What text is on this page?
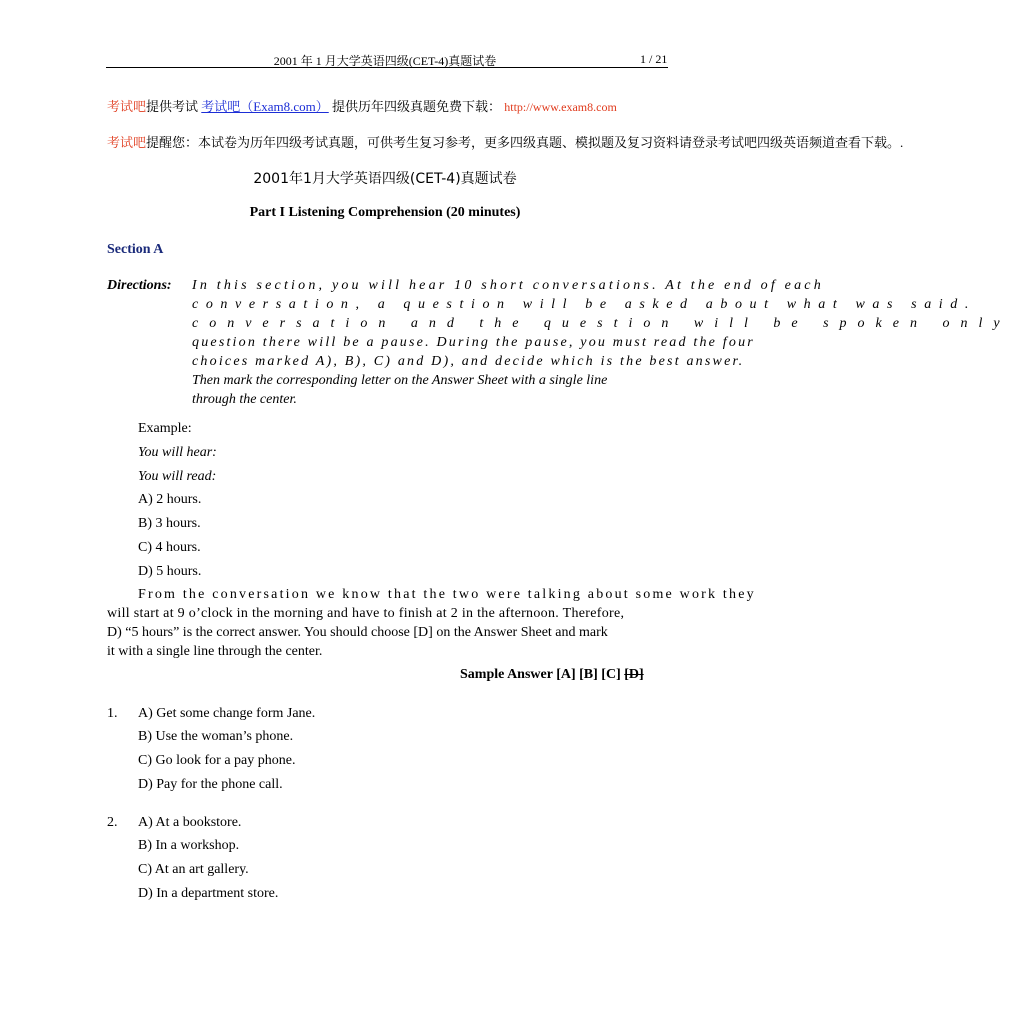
2001 年 1 月大学英语四级(CET-4)真题试卷	1 / 21
考试吧提供考试 考试吧（Exam8.com） 提供历年四级真题免费下载： http://www.exam8.com
考试吧提醒您：本试卷为历年四级考试真题，可供考生复习参考，更多四级真题、模拟题及复习资料请登录考试吧四级英语频道查看下载。.
2001年1月大学英语四级(CET-4)真题试卷
Part I Listening Comprehension (20 minutes)
Section A
Directions: In this section, you will hear 10 short conversations. At the end of each
conversation, a question will be asked about what was said.
conversation and the question will be spoken only
question there will be a pause. During the pause, you must read the four
choices marked A), B), C) and D), and decide which is the best answer.
Then mark the corresponding letter on the Answer Sheet with a single line
through the center.
Example:
You will hear:
You will read:
A) 2 hours.
B) 3 hours.
C) 4 hours.
D) 5 hours.
From the conversation we know that the two were talking about some work they
will start at 9 o’clock in the morning and have to finish at 2 in the afternoon. Therefore,
D) “5 hours” is the correct answer. You should choose [D] on the Answer Sheet and mark
it with a single line through the center.
Sample Answer [A] [B] [C] [D]
1. A) Get some change form Jane.
B) Use the woman’s phone.
C) Go look for a pay phone.
D) Pay for the phone call.
2. A) At a bookstore.
B) In a workshop.
C) At an art gallery.
D) In a department store.
